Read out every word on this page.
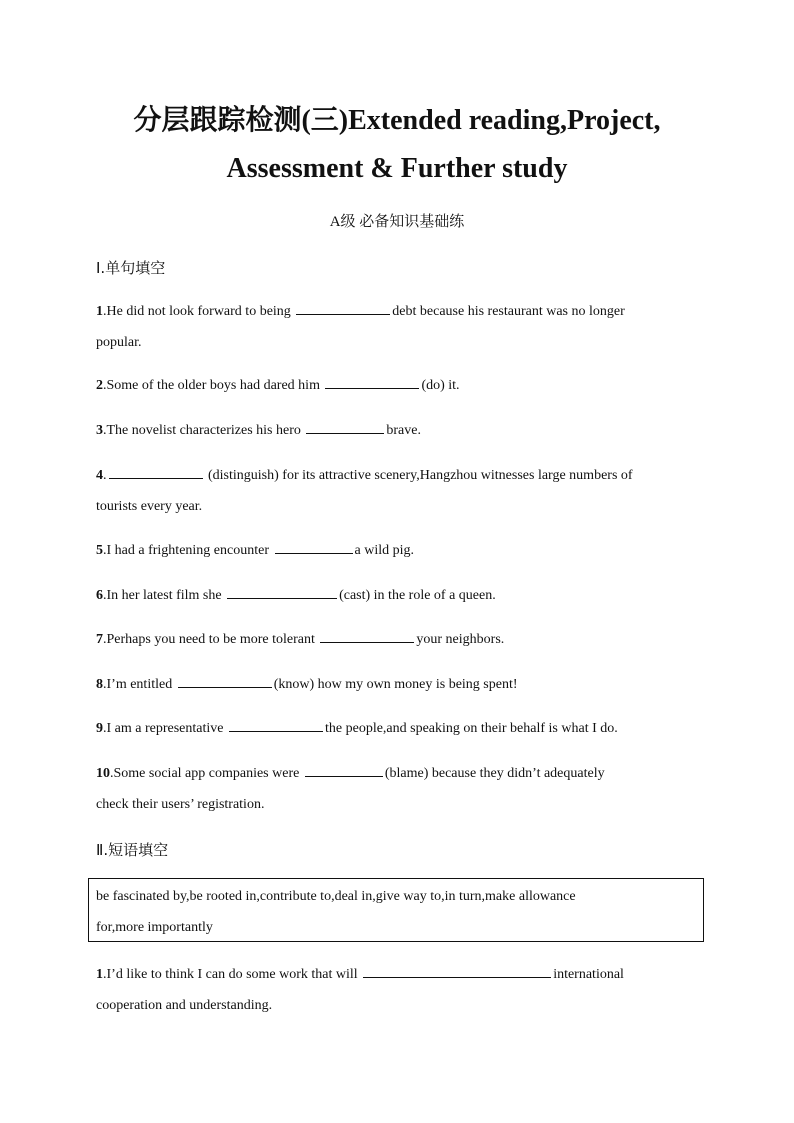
分层跟踪检测(三)Extended reading,Project,
Assessment & Further study
A级 必备知识基础练
Ⅰ.单句填空
1.He did not look forward to being	debt because his restaurant was no longer
popular.
2.Some of the older boys had dared him	(do) it.
3.The novelist characterizes his hero	brave.
4.	(distinguish) for its attractive scenery,Hangzhou witnesses large numbers of
tourists every year.
5.I had a frightening encounter	a wild pig.
6.In her latest film she	(cast) in the role of a queen.
7.Perhaps you need to be more tolerant	your neighbors.
8.I’m entitled	(know) how my own money is being spent!
9.I am a representative	the people,and speaking on their behalf is what I do.
10.Some social app companies were	(blame) because they didn’t adequately
check their users’ registration.
Ⅱ.短语填空
be fascinated by,be rooted in,contribute to,deal in,give way to,in turn,make allowance
for,more importantly
1.I’d like to think I can do some work that will	international
cooperation and understanding.
